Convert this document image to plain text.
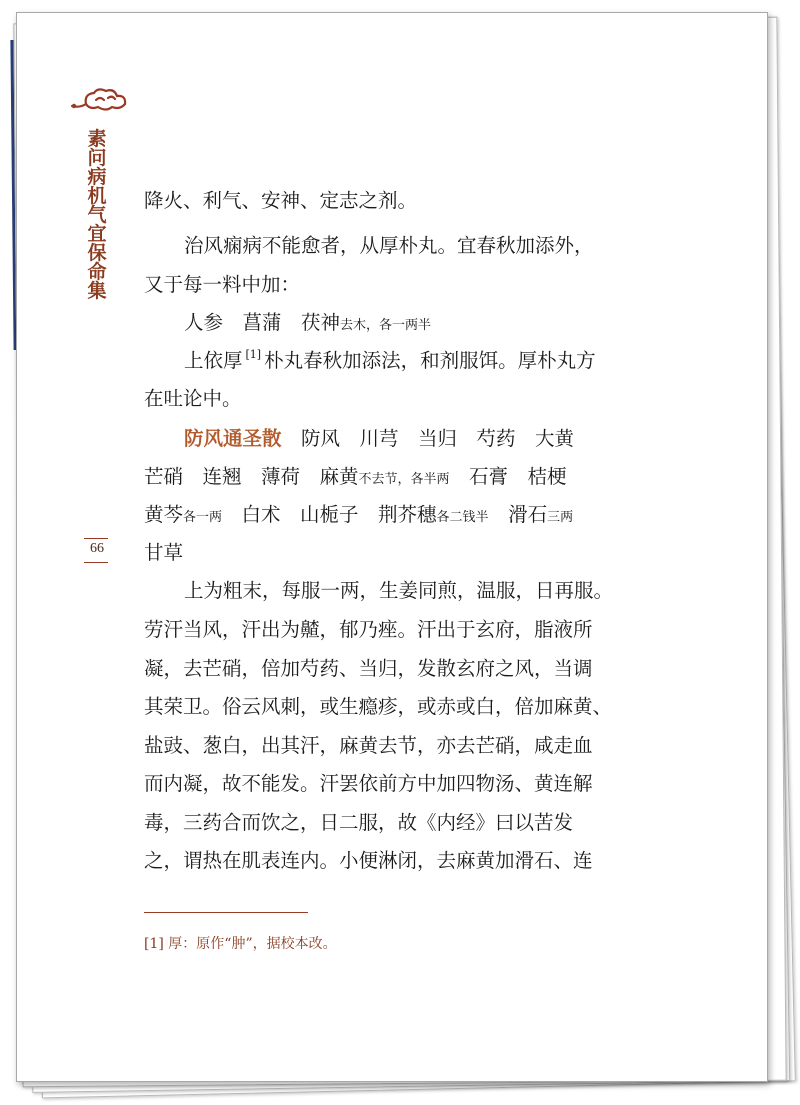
素问病机气宜保命集
66
降火、利气、安神、定志之剂。
治风痫病不能愈者，从厚朴丸。宜春秋加添外，
又于每一料中加：
人参　菖蒲　茯神去木，各一两半
上依厚 [1] 朴丸春秋加添法，和剂服饵。厚朴丸方
在吐论中。
防风通圣散　防风　川芎　当归　芍药　大黄
芒硝　连翘　薄荷　麻黄不去节，各半两　石膏　桔梗
黄芩各一两　白术　山栀子　荆芥穗各二钱半　滑石三两
甘草
上为粗末，每服一两，生姜同煎，温服，日再服。
劳汗当风，汗出为齄，郁乃痤。汗出于玄府，脂液所
凝，去芒硝，倍加芍药、当归，发散玄府之风，当调
其荣卫。俗云风刺，或生瘾疹，或赤或白，倍加麻黄、
盐豉、葱白，出其汗，麻黄去节，亦去芒硝，咸走血
而内凝，故不能发。汗罢依前方中加四物汤、黄连解
毒，三药合而饮之，日二服，故《内经》曰以苦发
之，谓热在肌表连内。小便淋闭，去麻黄加滑石、连
[1] 厚：原作“肿”，据校本改。
